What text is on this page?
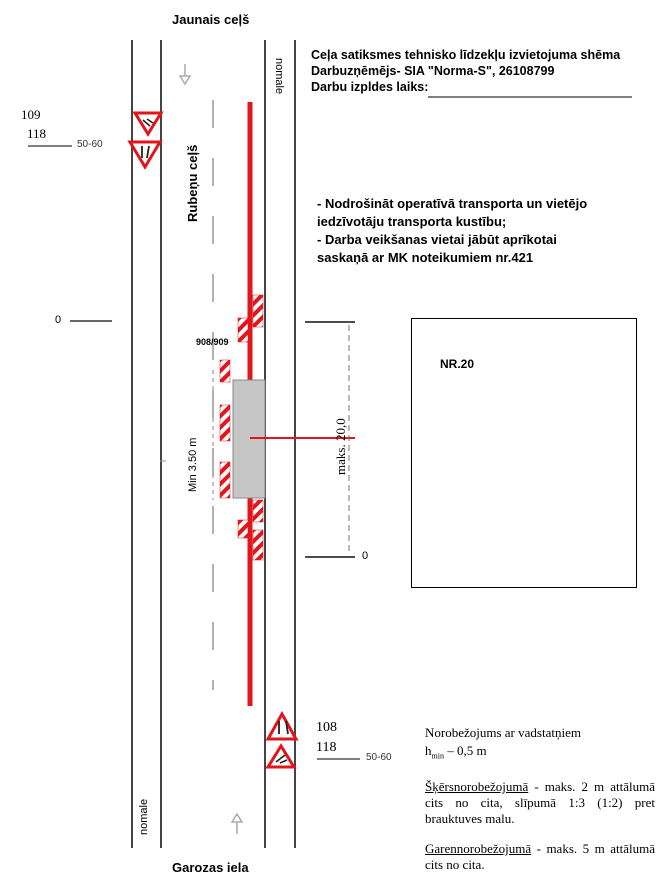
Jaunais ceļš
Garozas iela
Rubeņu ceļš
nomale
nomale
Ceļa satiksmes tehnisko līdzekļu izvietojuma shēma
Darbuzņēmējs- SIA "Norma-S", 26108799
Darbu izpldes laiks:
- Nodrošināt operatīvā transporta un vietējo
iedzīvotāju transporta kustību;
- Darba veikšanas vietai jābūt aprīkotai
saskaņā ar MK noteikumiem nr.421
109
118
50-60
108
118
50-60
0
0
908/909
Min 3.50 m	maks. 20,0
NR.20
Norobežojums ar vadstatņiem
$h_{min} - 0,5$ m
Šķērsnorobežojumā - maks. 2 m attālumā cits no cita, slīpumā 1:3 (1:2) pret brauktuves malu.
Garennorobežojumā - maks. 5 m attālumā cits no cita.
